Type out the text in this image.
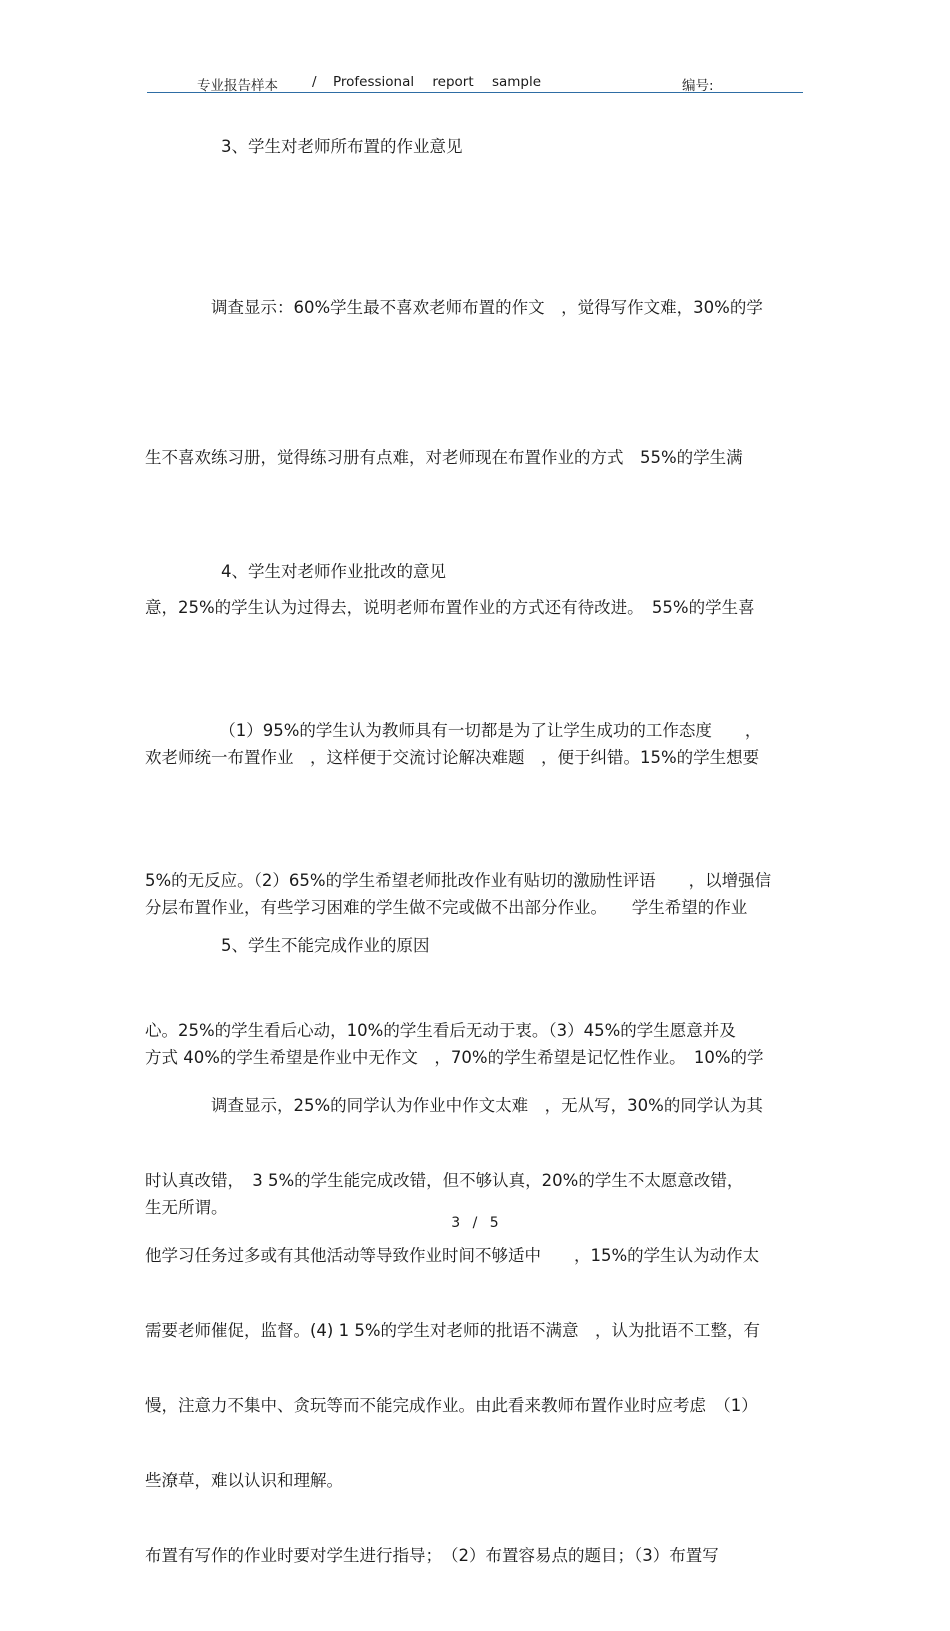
专业报告样本	/ Professional report sample	编号:

3、学生对老师所布置的作业意见

　　　　调查显示：60%学生最不喜欢老师布置的作文　，觉得写作文难，30%的学

生不喜欢练习册，觉得练习册有点难，对老师现在布置作业的方式　55%的学生满

意，25%的学生认为过得去，说明老师布置作业的方式还有待改进。　55%的学生喜

欢老师统一布置作业　，这样便于交流讨论解决难题　，便于纠错。15%的学生想要

分层布置作业，有些学习困难的学生做不完或做不出部分作业。　　学生希望的作业

方式 40%的学生希望是作业中无作文　，70%的学生希望是记忆性作业。　10%的学

生无所谓。

4、学生对老师作业批改的意见

　　　　　（1）95%的学生认为教师具有一切都是为了让学生成功的工作态度　　，

5%的无反应。（2）65%的学生希望老师批改作业有贴切的激励性评语　　，以增强信

心。25%的学生看后心动，10%的学生看后无动于衷。（3）45%的学生愿意并及

时认真改错，　3 5%的学生能完成改错，但不够认真，20%的学生不太愿意改错，

需要老师催促，监督。(4) 1 5%的学生对老师的批语不满意　，认为批语不工整，有

些潦草，难以认识和理解。

5、学生不能完成作业的原因

　　　　调查显示，25%的同学认为作业中作文太难　，无从写，30%的同学认为其

他学习任务过多或有其他活动等导致作业时间不够适中　　，15%的学生认为动作太

慢，注意力不集中、贪玩等而不能完成作业。由此看来教师布置作业时应考虑　（1）

布置有写作的作业时要对学生进行指导；　（2）布置容易点的题目；（3）布置写

3 / 5
